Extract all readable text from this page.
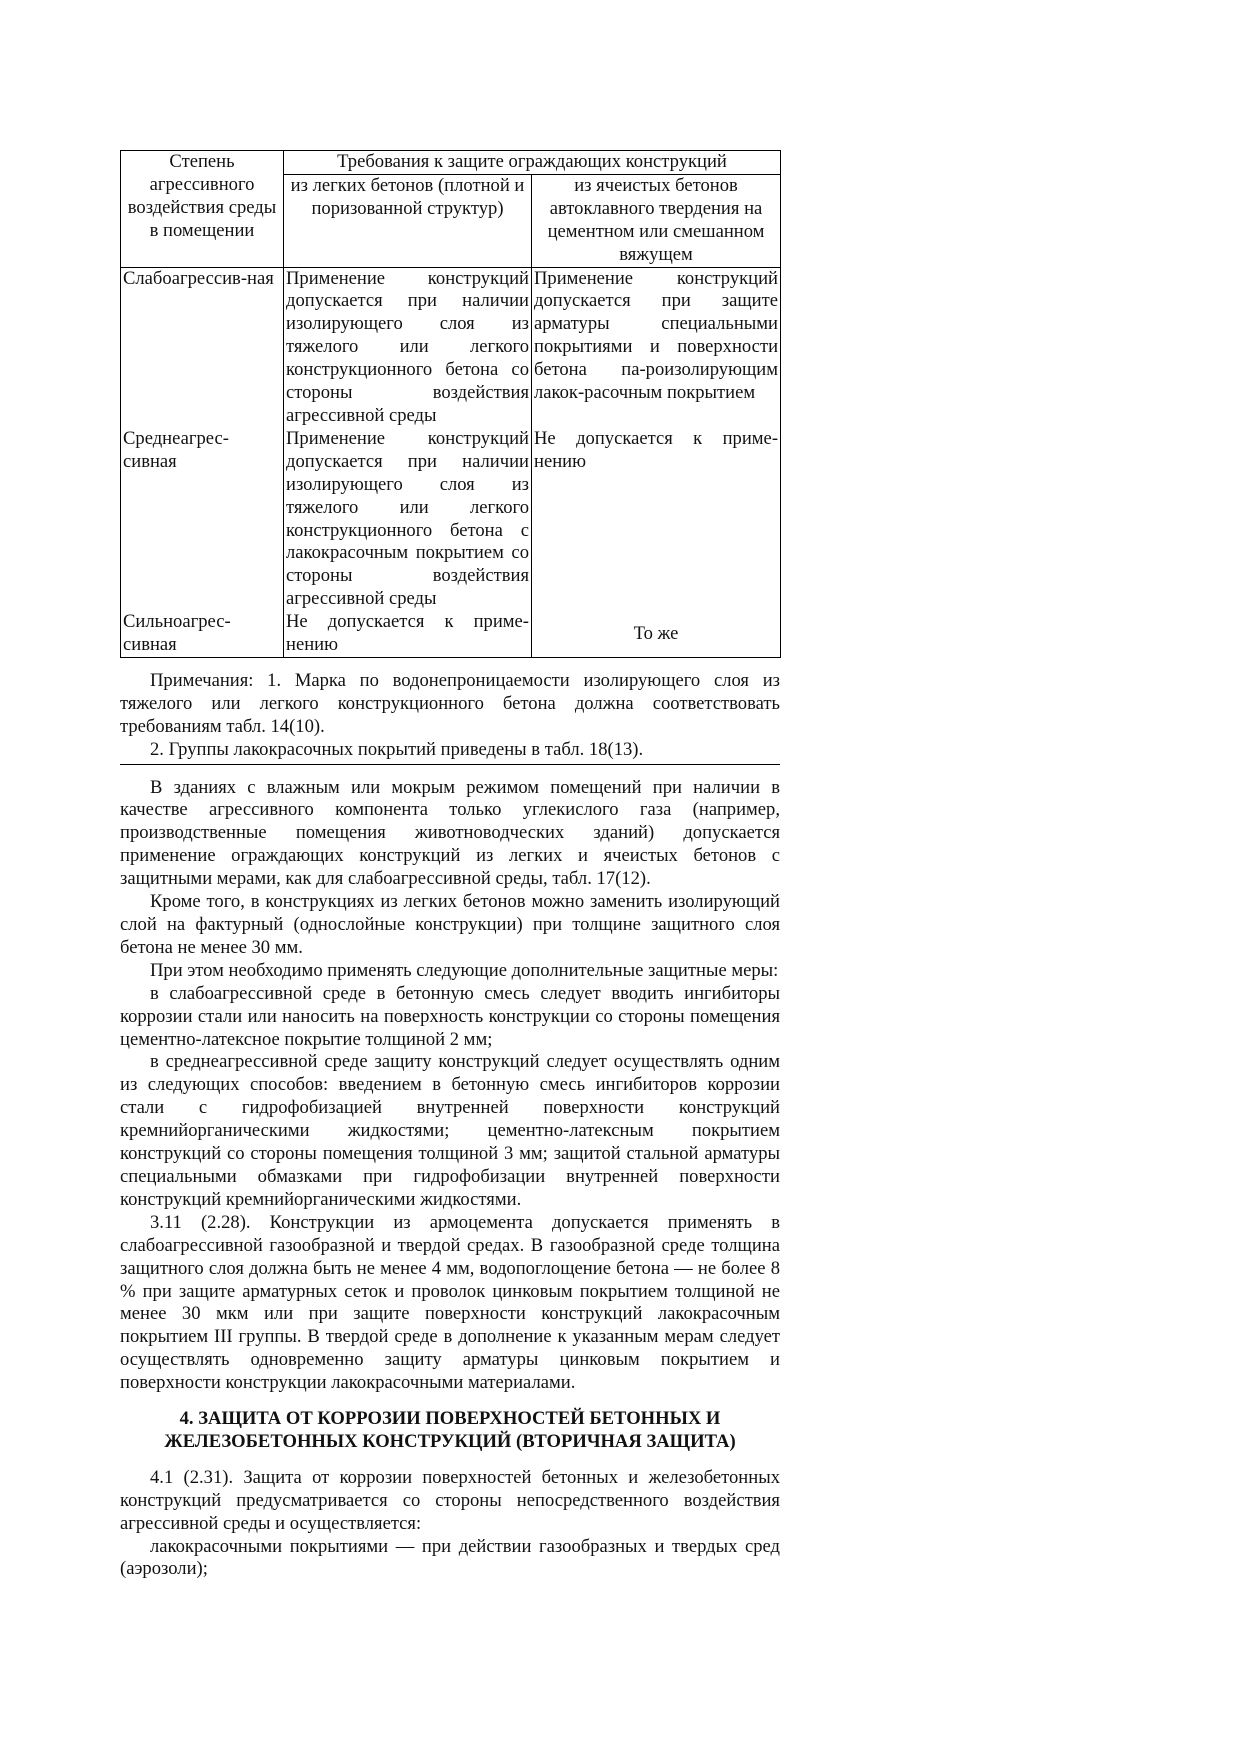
Степень агрессивного воздействия среды в помещении	Требования к защите ограждающих конструкций	
	из легких бетонов (плотной и поризованной структур)	из ячеистых бетонов автоклавного твердения на цементном или смешанном вяжущем
Слабоагрессив-ная	Применение конструкций допускается при наличии изолирующего слоя из тяжелого или легкого конструкционного бетона со стороны воздействия агрессивной среды	Применение конструкций допускается при защите арматуры специальными покрытиями и поверхности бетона па-роизолирующим лакок-расочным покрытием
Среднеагрес-сивная	Применение конструкций допускается при наличии изолирующего слоя из тяжелого или легкого конструкционного бетона с лакокрасочным покрытием со стороны воздействия агрессивной среды	Не допускается к приме-нению
Сильноагрес-сивная	Не допускается к приме-нению	То же

Примечания: 1. Марка по водонепроницаемости изолирующего слоя из тяжелого или легкого конструкционного бетона должна соответствовать требованиям табл. 14(10).

2. Группы лакокрасочных покрытий приведены в табл. 18(13).

В зданиях с влажным или мокрым режимом помещений при наличии в качестве агрессивного компонента только углекислого газа (например, производственные помещения животноводческих зданий) допускается применение ограждающих конструкций из легких и ячеистых бетонов с защитными мерами, как для слабоагрессивной среды, табл. 17(12).

Кроме того, в конструкциях из легких бетонов можно заменить изолирующий слой на фактурный (однослойные конструкции) при толщине защитного слоя бетона не менее 30 мм.

При этом необходимо применять следующие дополнительные защитные меры:

в слабоагрессивной среде в бетонную смесь следует вводить ингибиторы коррозии стали или наносить на поверхность конструкции со стороны помещения цементно-латексное покрытие толщиной 2 мм;

в среднеагрессивной среде защиту конструкций следует осуществлять одним из следующих способов: введением в бетонную смесь ингибиторов коррозии стали с гидрофобизацией внутренней поверхности конструкций кремнийорганическими жидкостями; цементно-латексным покрытием конструкций со стороны помещения толщиной 3 мм; защитой стальной арматуры специальными обмазками при гидрофобизации внутренней поверхности конструкций кремнийорганическими жидкостями.

3.11 (2.28). Конструкции из армоцемента допускается применять в слабоагрессивной газообразной и твердой средах. В газообразной среде толщина защитного слоя должна быть не менее 4 мм, водопоглощение бетона — не более 8 % при защите арматурных сеток и проволок цинковым покрытием толщиной не менее 30 мкм или при защите поверхности конструкций лакокрасочным покрытием III группы. В твердой среде в дополнение к указанным мерам следует осуществлять одновременно защиту арматуры цинковым покрытием и поверхности конструкции лакокрасочными материалами.

4. ЗАЩИТА ОТ КОРРОЗИИ ПОВЕРХНОСТЕЙ БЕТОННЫХ И
ЖЕЛЕЗОБЕТОННЫХ КОНСТРУКЦИЙ (ВТОРИЧНАЯ ЗАЩИТА)

4.1 (2.31). Защита от коррозии поверхностей бетонных и железобетонных конструкций предусматривается со стороны непосредственного воздействия агрессивной среды и осуществляется:

лакокрасочными покрытиями — при действии газообразных и твердых сред (аэрозоли);
